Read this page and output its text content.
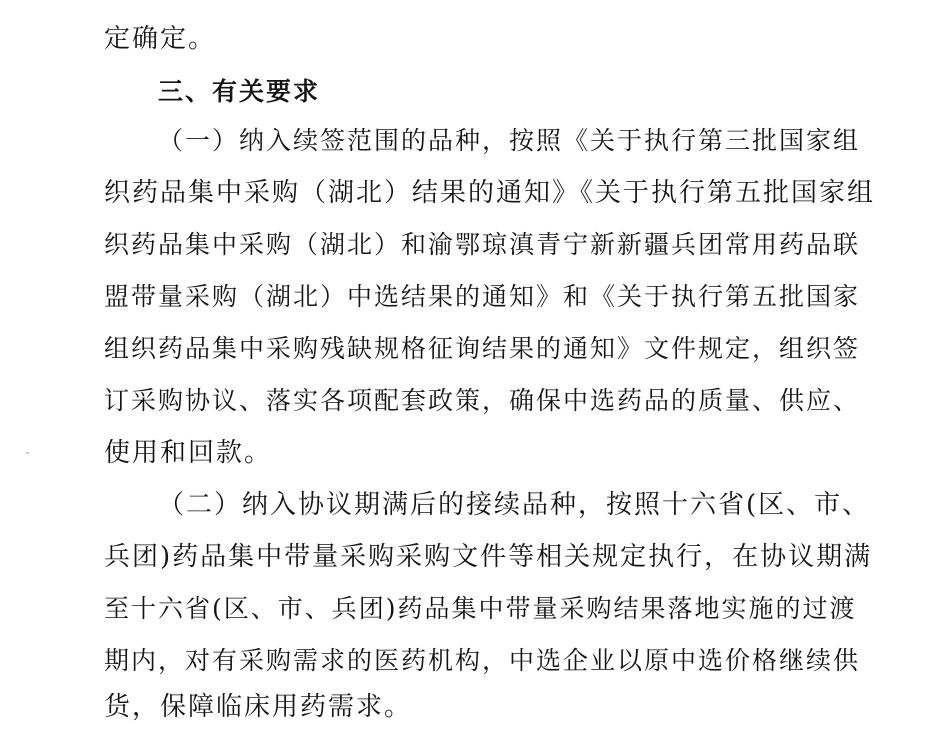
定确定。
三、有关要求
（一）纳入续签范围的品种，按照《关于执行第三批国家组
织药品集中采购（湖北）结果的通知》《关于执行第五批国家组
织药品集中采购（湖北）和渝鄂琼滇青宁新新疆兵团常用药品联
盟带量采购（湖北）中选结果的通知》和《关于执行第五批国家
组织药品集中采购残缺规格征询结果的通知》文件规定，组织签
订采购协议、落实各项配套政策，确保中选药品的质量、供应、
使用和回款。
（二）纳入协议期满后的接续品种，按照十六省(区、市、
兵团)药品集中带量采购采购文件等相关规定执行，在协议期满
至十六省(区、市、兵团)药品集中带量采购结果落地实施的过渡
期内，对有采购需求的医药机构，中选企业以原中选价格继续供
货，保障临床用药需求。
